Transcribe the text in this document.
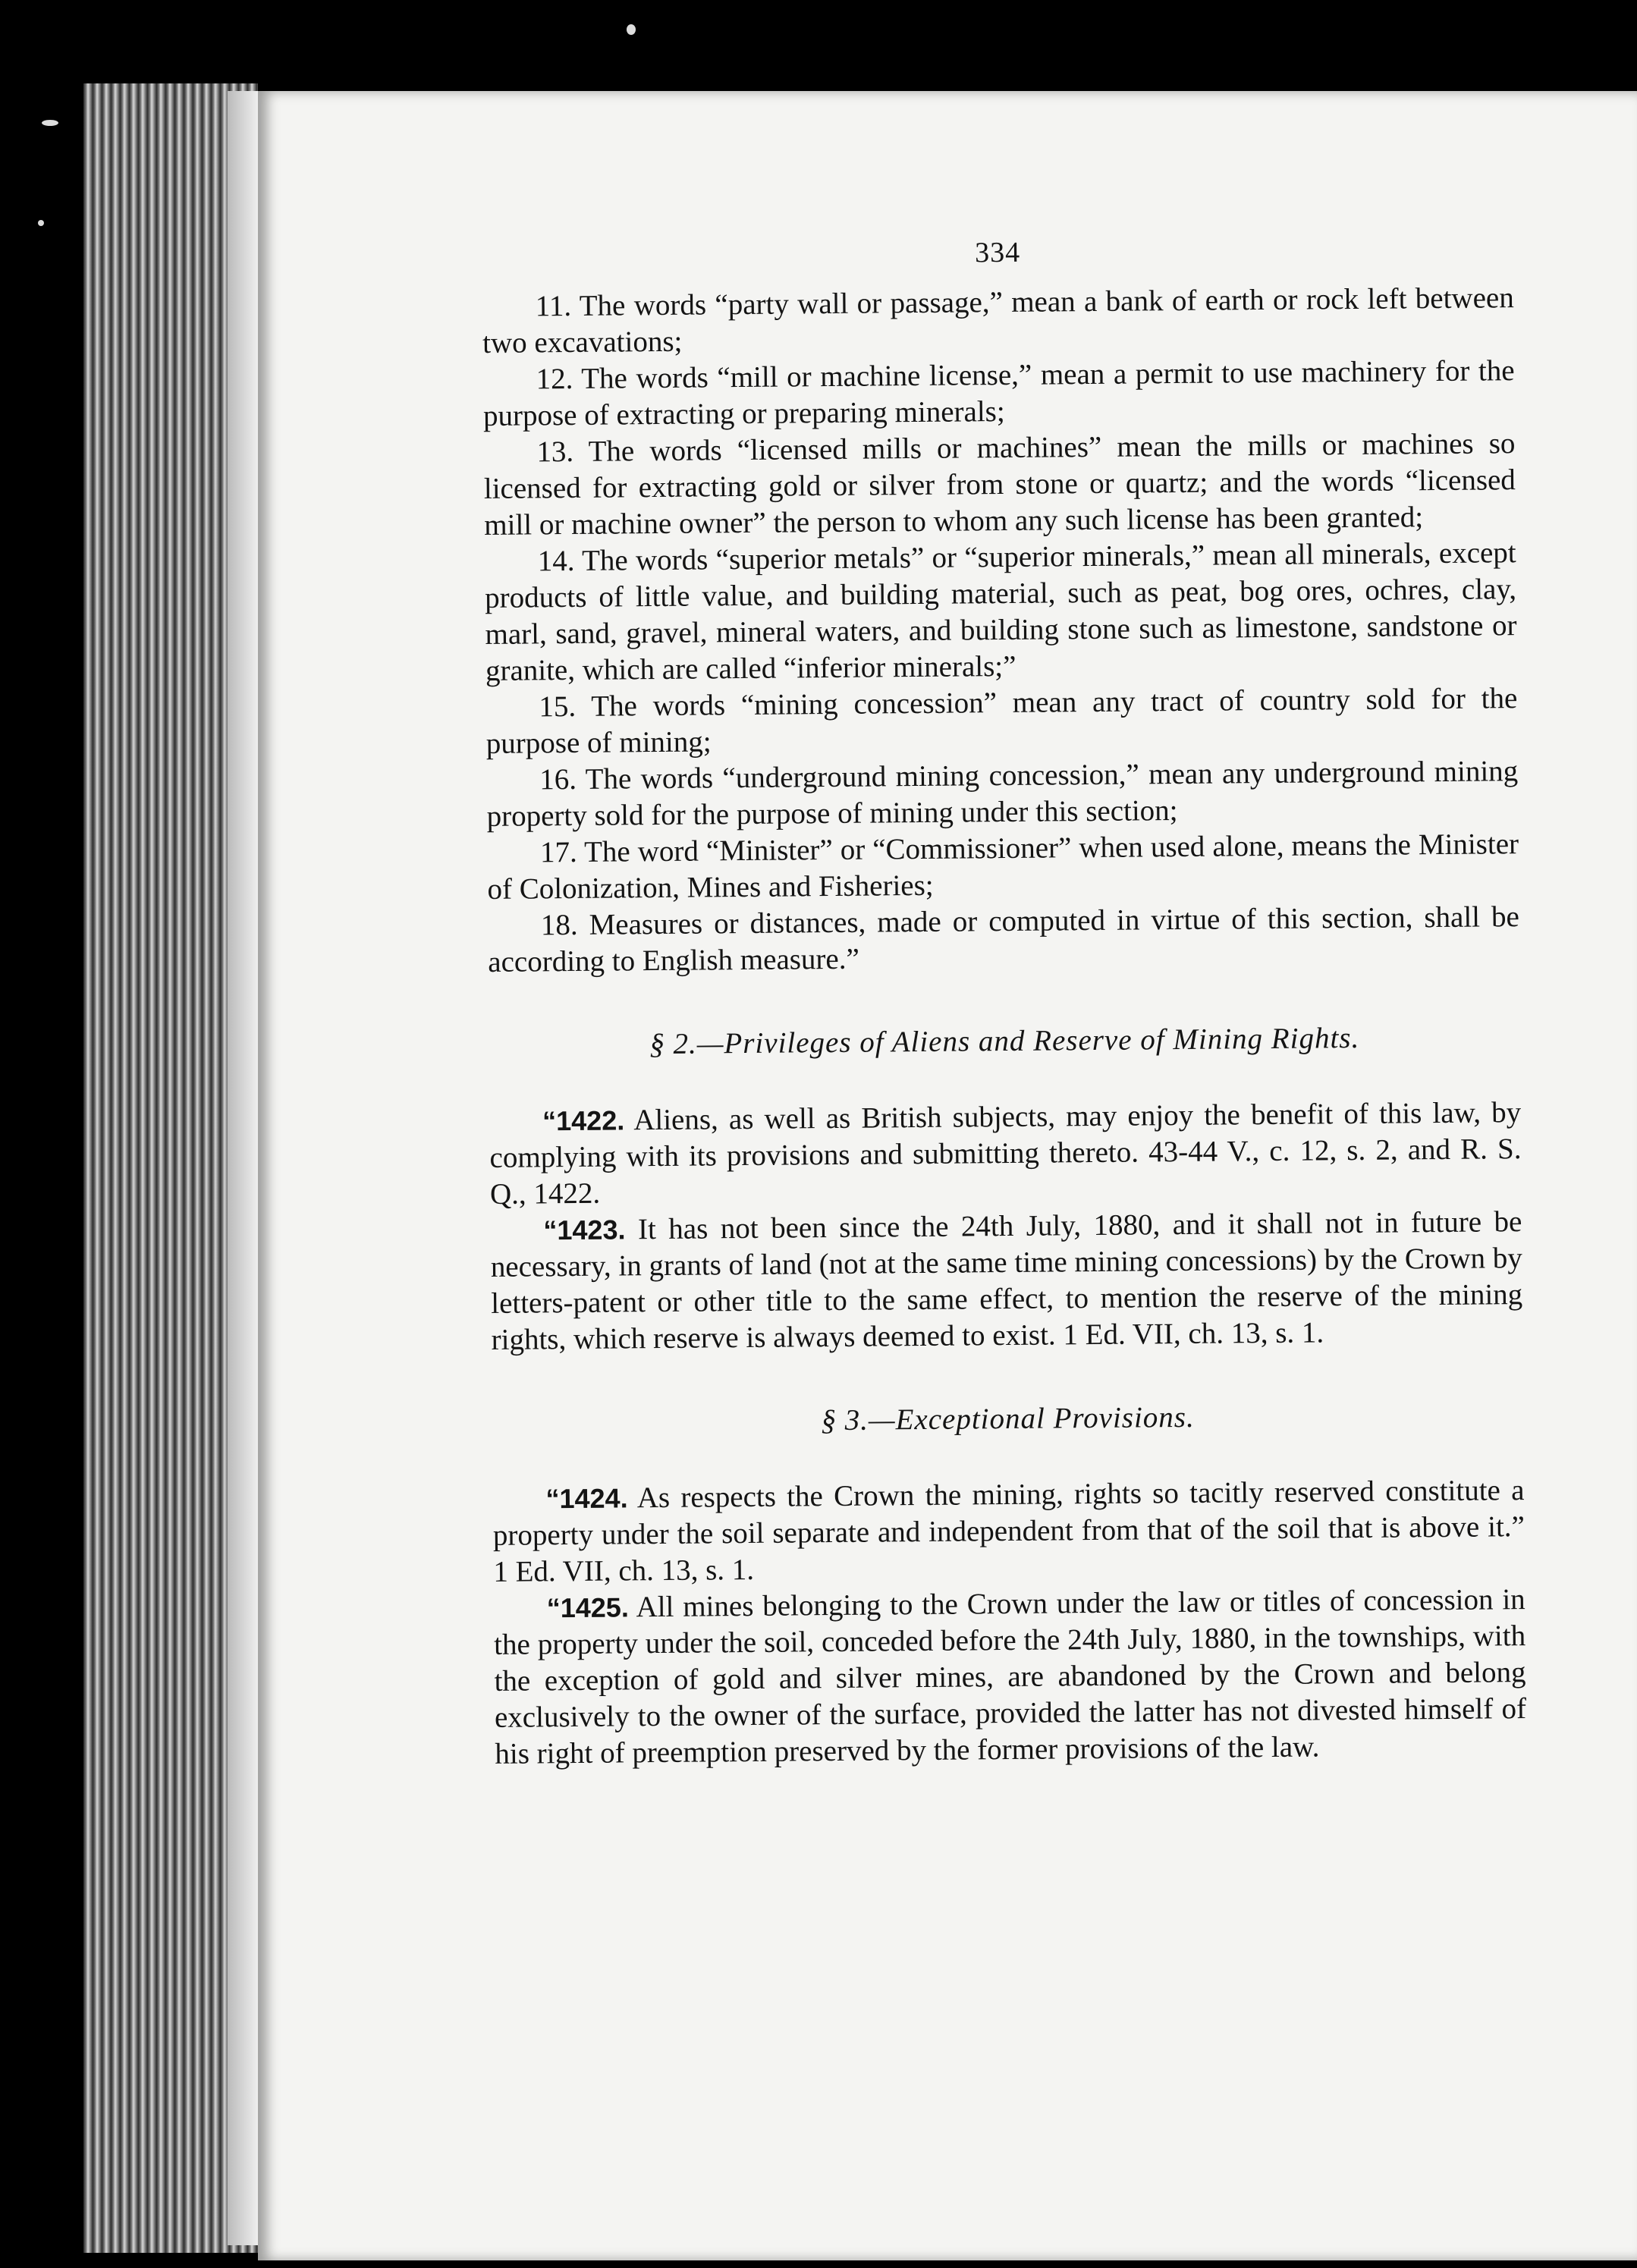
334

11. The words “party wall or passage,” mean a bank of earth or rock left between two excavations;

12. The words “mill or machine license,” mean a permit to use machinery for the purpose of extracting or preparing minerals;

13. The words “licensed mills or machines” mean the mills or machines so licensed for extracting gold or silver from stone or quartz; and the words “licensed mill or machine owner” the person to whom any such license has been granted;

14. The words “superior metals” or “superior minerals,” mean all minerals, except products of little value, and building material, such as peat, bog ores, ochres, clay, marl, sand, gravel, mineral waters, and building stone such as limestone, sandstone or granite, which are called “inferior minerals;”

15. The words “mining concession” mean any tract of country sold for the purpose of mining;

16. The words “underground mining concession,” mean any underground mining property sold for the purpose of mining under this section;

17. The word “Minister” or “Commissioner” when used alone, means the Minister of Colonization, Mines and Fisheries;

18. Measures or distances, made or computed in virtue of this section, shall be according to English measure.”

§ 2.—Privileges of Aliens and Reserve of Mining Rights.

“1422. Aliens, as well as British subjects, may enjoy the benefit of this law, by complying with its provisions and submitting thereto. 43-44 V., c. 12, s. 2, and R. S. Q., 1422.

“1423. It has not been since the 24th July, 1880, and it shall not in future be necessary, in grants of land (not at the same time mining concessions) by the Crown by letters-patent or other title to the same effect, to mention the reserve of the mining rights, which reserve is always deemed to exist. 1 Ed. VII, ch. 13, s. 1.

§ 3.—Exceptional Provisions.

“1424. As respects the Crown the mining, rights so tacitly reserved constitute a property under the soil separate and independent from that of the soil that is above it.” 1 Ed. VII, ch. 13, s. 1.

“1425. All mines belonging to the Crown under the law or titles of concession in the property under the soil, conceded before the 24th July, 1880, in the townships, with the exception of gold and silver mines, are abandoned by the Crown and belong exclusively to the owner of the surface, provided the latter has not divested himself of his right of preemption preserved by the former provisions of the law.
